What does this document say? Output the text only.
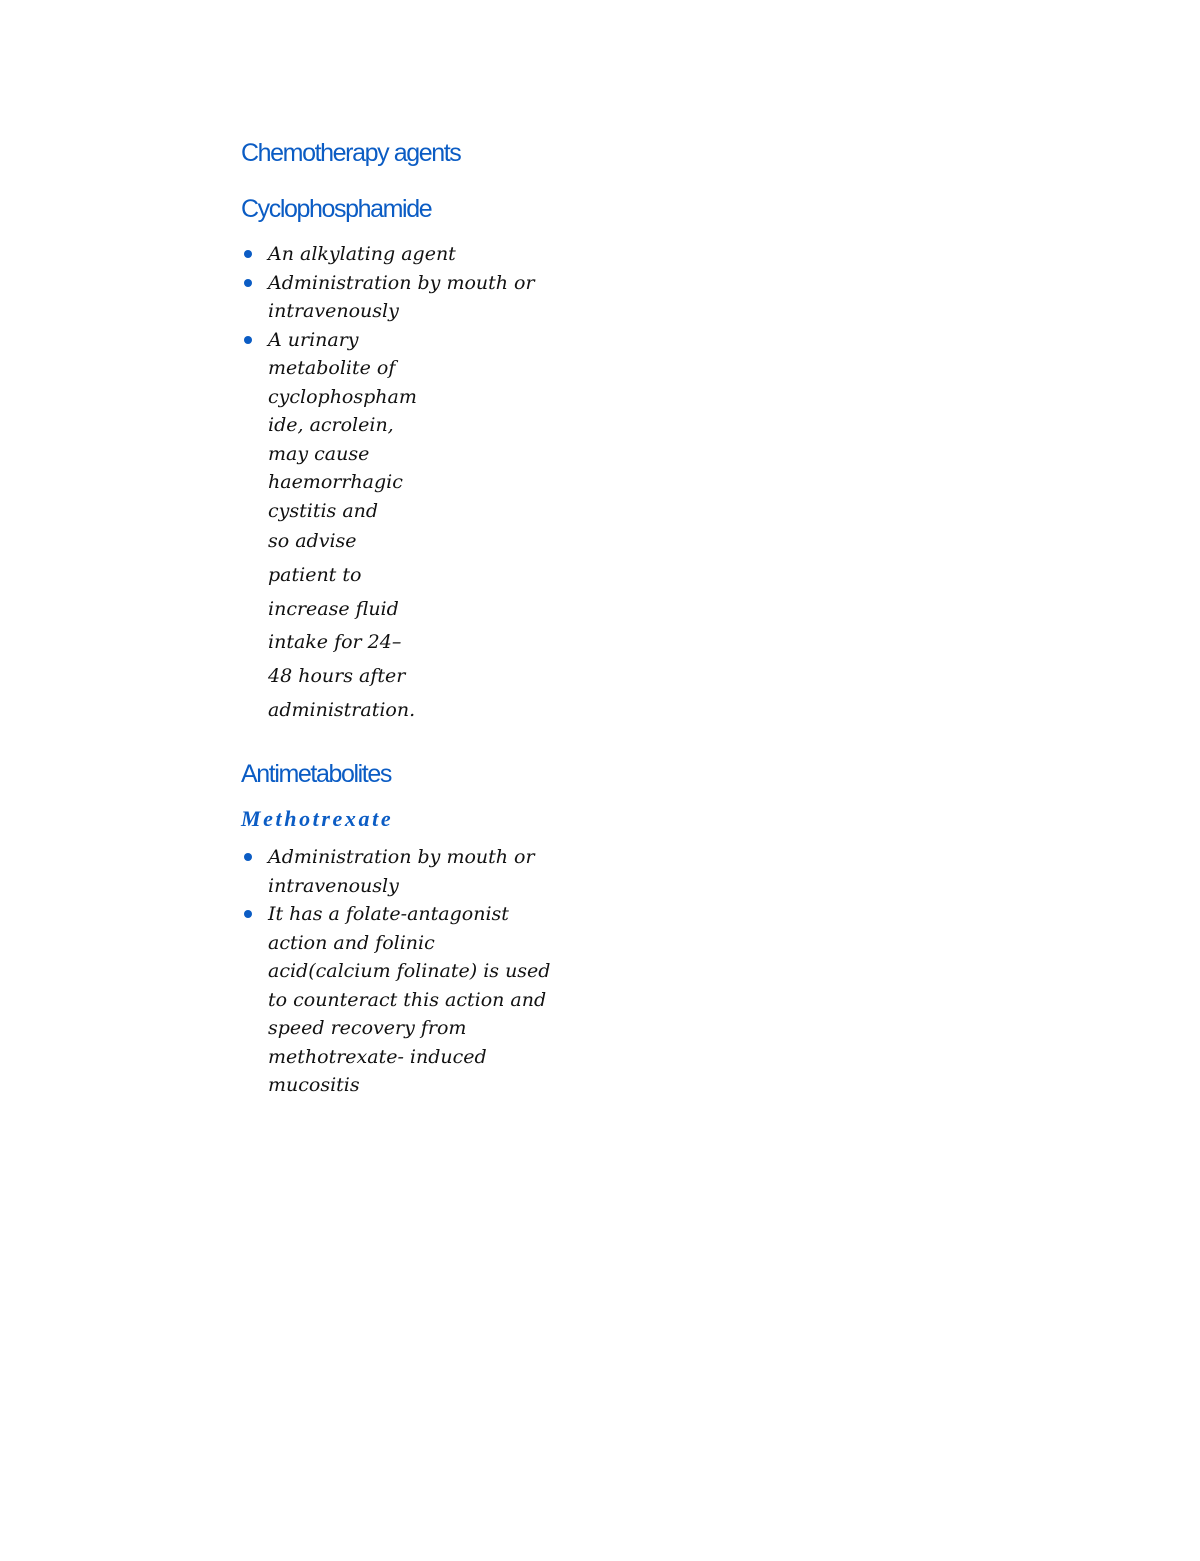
Chemotherapy agents
Cyclophosphamide
An alkylating agent
Administration by mouth or
intravenously
A urinary
metabolite of
cyclophospham
ide, acrolein,
may cause
haemorrhagic
cystitis and
so advise
patient to
increase fluid
intake for 24–
48 hours after
administration.
Antimetabolites
Methotrexate
Administration by mouth or
intravenously
It has a folate-antagonist
action and folinic
acid(calcium folinate) is used
to counteract this action and
speed recovery from
methotrexate- induced
mucositis
